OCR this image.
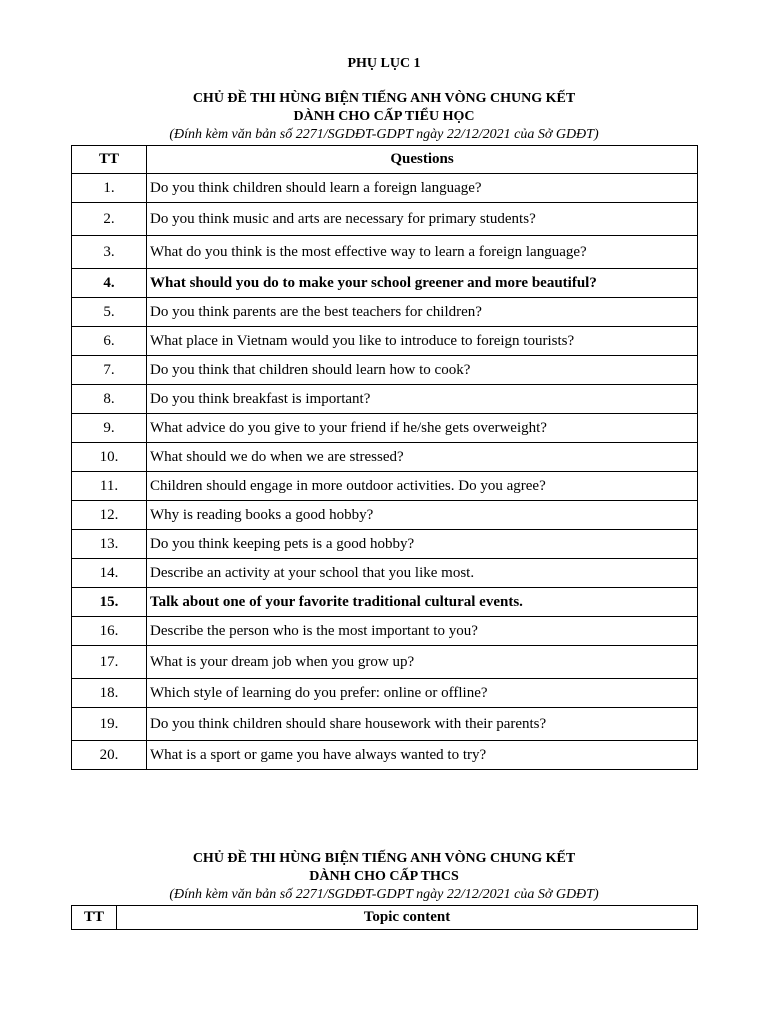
PHỤ LỤC 1
CHỦ ĐỀ THI HÙNG BIỆN TIẾNG ANH VÒNG CHUNG KẾT
DÀNH CHO CẤP TIỂU HỌC
(Đính kèm văn bản số 2271/SGDĐT-GDPT ngày 22/12/2021 của Sở GDĐT)
TT	Questions
1.	Do you think children should learn a foreign language?
2.	Do you think music and arts are necessary for primary students?
3.	What do you think is the most effective way to learn a foreign language?
4.	What should you do to make your school greener and more beautiful?
5.	Do you think parents are the best teachers for children?
6.	What place in Vietnam would you like to introduce to foreign tourists?
7.	Do you think that children should learn how to cook?
8.	Do you think breakfast is important?
9.	What advice do you give to your friend if he/she gets overweight?
10.	What should we do when we are stressed?
11.	Children should engage in more outdoor activities. Do you agree?
12.	Why is reading books a good hobby?
13.	Do you think keeping pets is a good hobby?
14.	Describe an activity at your school that you like most.
15.	Talk about one of your favorite traditional cultural events.
16.	Describe the person who is the most important to you?
17.	What is your dream job when you grow up?
18.	Which style of learning do you prefer: online or offline?
19.	Do you think children should share housework with their parents?
20.	What is a sport or game you have always wanted to try?
CHỦ ĐỀ THI HÙNG BIỆN TIẾNG ANH VÒNG CHUNG KẾT
DÀNH CHO CẤP THCS
(Đính kèm văn bản số 2271/SGDĐT-GDPT ngày 22/12/2021 của Sở GDĐT)
TT	Topic content
